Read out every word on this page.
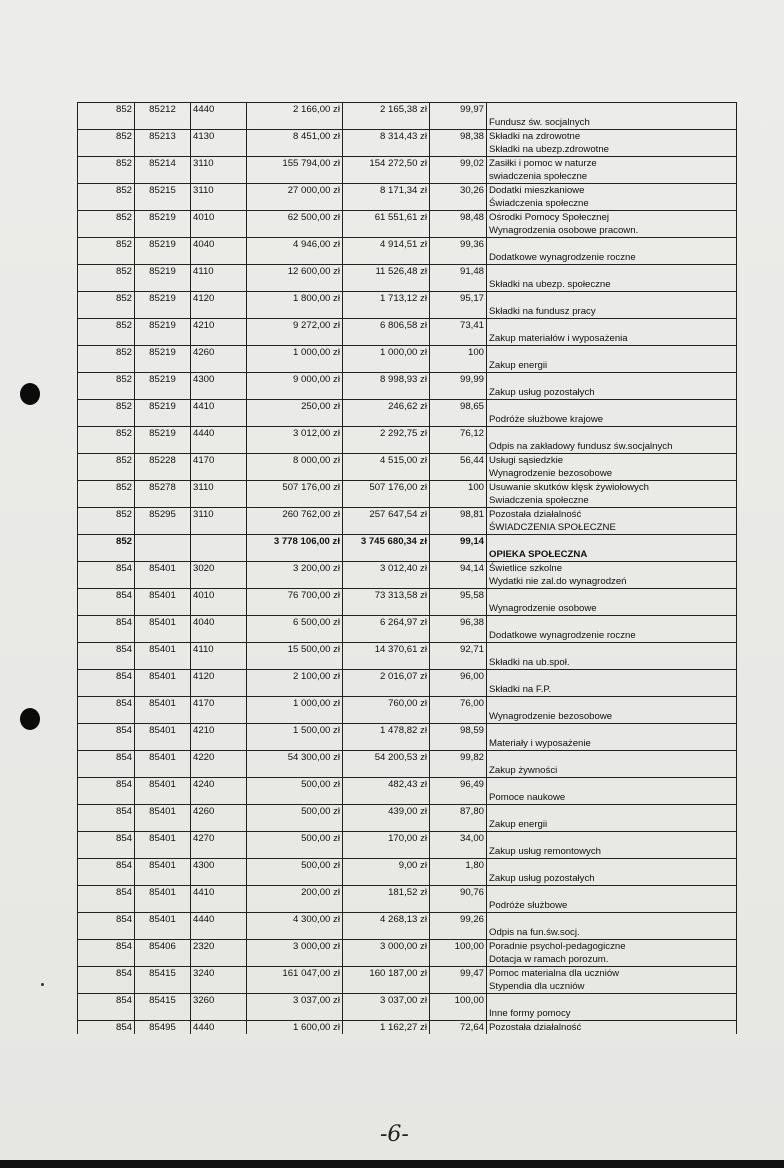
852	85212	4440	2 166,00 zł	2 165,38 zł	99,97	
						Fundusz św. socjalnych
852	85213	4130	8 451,00 zł	8 314,43 zł	98,38	Składki na zdrowotne
						Składki na ubezp.zdrowotne
852	85214	3110	155 794,00 zł	154 272,50 zł	99,02	Zasiłki i pomoc w naturze
						swiadczenia społeczne
852	85215	3110	27 000,00 zł	8 171,34 zł	30,26	Dodatki mieszkaniowe
						Świadczenia społeczne
852	85219	4010	62 500,00 zł	61 551,61 zł	98,48	Ośrodki Pomocy Społecznej
						Wynagrodzenia osobowe pracown.
852	85219	4040	4 946,00 zł	4 914,51 zł	99,36	
						Dodatkowe wynagrodzenie roczne
852	85219	4110	12 600,00 zł	11 526,48 zł	91,48	
						Składki na ubezp. społeczne
852	85219	4120	1 800,00 zł	1 713,12 zł	95,17	
						Składki na fundusz pracy
852	85219	4210	9 272,00 zł	6 806,58 zł	73,41	
						Zakup materiałów i wyposażenia
852	85219	4260	1 000,00 zł	1 000,00 zł	100	
						Zakup energii
852	85219	4300	9 000,00 zł	8 998,93 zł	99,99	
						Zakup usług pozostałych
852	85219	4410	250,00 zł	246,62 zł	98,65	
						Podróże służbowe krajowe
852	85219	4440	3 012,00 zł	2 292,75 zł	76,12	
						Odpis na zakładowy fundusz św.socjalnych
852	85228	4170	8 000,00 zł	4 515,00 zł	56,44	Usługi sąsiedzkie
						Wynagrodzenie bezosobowe
852	85278	3110	507 176,00 zł	507 176,00 zł	100	Usuwanie skutków klęsk żywiołowych
						Swiadczenia społeczne
852	85295	3110	260 762,00 zł	257 647,54 zł	98,81	Pozostała działalność
						ŚWIADCZENIA SPOŁECZNE
852			3 778 106,00 zł	3 745 680,34 zł	99,14	
						OPIEKA SPOŁECZNA
854	85401	3020	3 200,00 zł	3 012,40 zł	94,14	Świetlice szkolne
						Wydatki nie zal.do wynagrodzeń
854	85401	4010	76 700,00 zł	73 313,58 zł	95,58	
						Wynagrodzenie osobowe
854	85401	4040	6 500,00 zł	6 264,97 zł	96,38	
						Dodatkowe wynagrodzenie roczne
854	85401	4110	15 500,00 zł	14 370,61 zł	92,71	
						Składki na ub.społ.
854	85401	4120	2 100,00 zł	2 016,07 zł	96,00	
						Składki na F.P.
854	85401	4170	1 000,00 zł	760,00 zł	76,00	
						Wynagrodzenie bezosobowe
854	85401	4210	1 500,00 zł	1 478,82 zł	98,59	
						Materiały i wyposażenie
854	85401	4220	54 300,00 zł	54 200,53 zł	99,82	
						Zakup żywności
854	85401	4240	500,00 zł	482,43 zł	96,49	
						Pomoce naukowe
854	85401	4260	500,00 zł	439,00 zł	87,80	
						Zakup energii
854	85401	4270	500,00 zł	170,00 zł	34,00	
						Zakup usług remontowych
854	85401	4300	500,00 zł	9,00 zł	1,80	
						Zakup usług pozostałych
854	85401	4410	200,00 zł	181,52 zł	90,76	
						Podróże służbowe
854	85401	4440	4 300,00 zł	4 268,13 zł	99,26	
						Odpis na fun.św.socj.
854	85406	2320	3 000,00 zł	3 000,00 zł	100,00	Poradnie psychol-pedagogiczne
						Dotacja w ramach porozum.
854	85415	3240	161 047,00 zł	160 187,00 zł	99,47	Pomoc materialna dla uczniów
						Stypendia dla uczniów
854	85415	3260	3 037,00 zł	3 037,00 zł	100,00	
						Inne formy pomocy
854	85495	4440	1 600,00 zł	1 162,27 zł	72,64	Pozostała działalność
-6-
